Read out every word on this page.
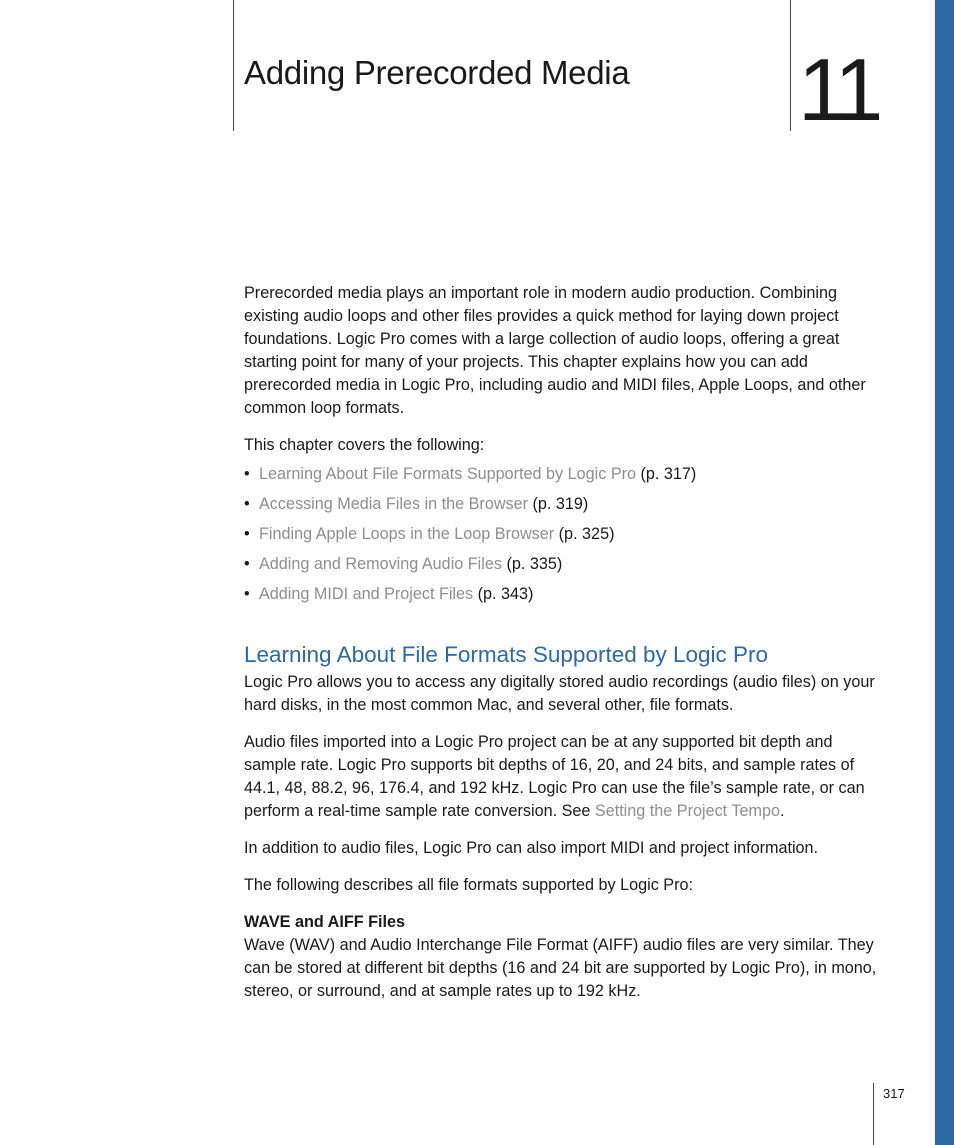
Adding Prerecorded Media 11

Prerecorded media plays an important role in modern audio production. Combining existing audio loops and other files provides a quick method for laying down project foundations. Logic Pro comes with a large collection of audio loops, offering a great starting point for many of your projects. This chapter explains how you can add prerecorded media in Logic Pro, including audio and MIDI files, Apple Loops, and other common loop formats.

This chapter covers the following:

• Learning About File Formats Supported by Logic Pro (p. 317)
• Accessing Media Files in the Browser (p. 319)
• Finding Apple Loops in the Loop Browser (p. 325)
• Adding and Removing Audio Files (p. 335)
• Adding MIDI and Project Files (p. 343)
Learning About File Formats Supported by Logic Pro

Logic Pro allows you to access any digitally stored audio recordings (audio files) on your hard disks, in the most common Mac, and several other, file formats.

Audio files imported into a Logic Pro project can be at any supported bit depth and sample rate. Logic Pro supports bit depths of 16, 20, and 24 bits, and sample rates of 44.1, 48, 88.2, 96, 176.4, and 192 kHz. Logic Pro can use the file’s sample rate, or can perform a real-time sample rate conversion. See Setting the Project Tempo.

In addition to audio files, Logic Pro can also import MIDI and project information.

The following describes all file formats supported by Logic Pro:

WAVE and AIFF Files

Wave (WAV) and Audio Interchange File Format (AIFF) audio files are very similar. They can be stored at different bit depths (16 and 24 bit are supported by Logic Pro), in mono, stereo, or surround, and at sample rates up to 192 kHz.

317
